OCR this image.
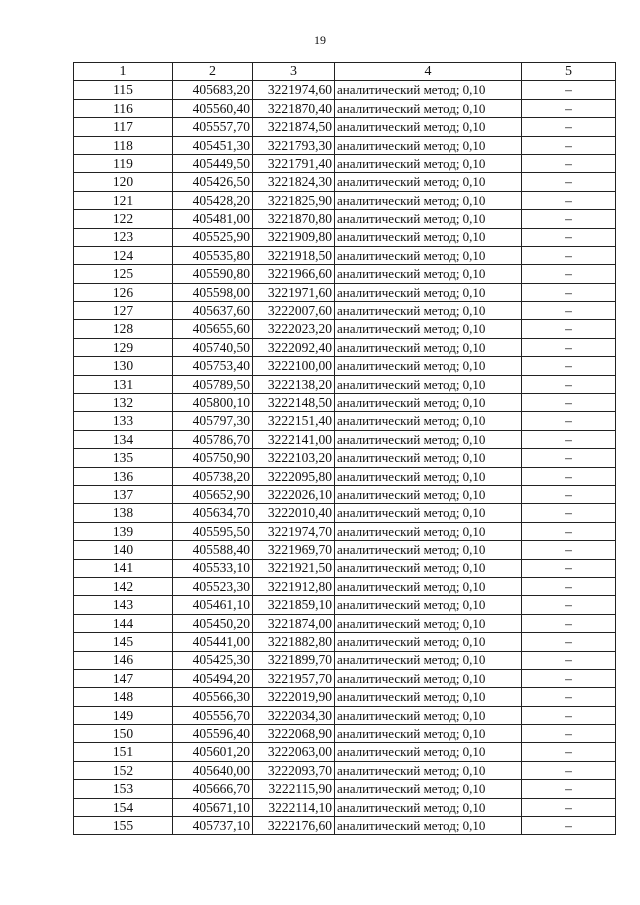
19
1	2	3	4	5
115	405683,20	3221974,60	аналитический метод; 0,10	–
116	405560,40	3221870,40	аналитический метод; 0,10	–
117	405557,70	3221874,50	аналитический метод; 0,10	–
118	405451,30	3221793,30	аналитический метод; 0,10	–
119	405449,50	3221791,40	аналитический метод; 0,10	–
120	405426,50	3221824,30	аналитический метод; 0,10	–
121	405428,20	3221825,90	аналитический метод; 0,10	–
122	405481,00	3221870,80	аналитический метод; 0,10	–
123	405525,90	3221909,80	аналитический метод; 0,10	–
124	405535,80	3221918,50	аналитический метод; 0,10	–
125	405590,80	3221966,60	аналитический метод; 0,10	–
126	405598,00	3221971,60	аналитический метод; 0,10	–
127	405637,60	3222007,60	аналитический метод; 0,10	–
128	405655,60	3222023,20	аналитический метод; 0,10	–
129	405740,50	3222092,40	аналитический метод; 0,10	–
130	405753,40	3222100,00	аналитический метод; 0,10	–
131	405789,50	3222138,20	аналитический метод; 0,10	–
132	405800,10	3222148,50	аналитический метод; 0,10	–
133	405797,30	3222151,40	аналитический метод; 0,10	–
134	405786,70	3222141,00	аналитический метод; 0,10	–
135	405750,90	3222103,20	аналитический метод; 0,10	–
136	405738,20	3222095,80	аналитический метод; 0,10	–
137	405652,90	3222026,10	аналитический метод; 0,10	–
138	405634,70	3222010,40	аналитический метод; 0,10	–
139	405595,50	3221974,70	аналитический метод; 0,10	–
140	405588,40	3221969,70	аналитический метод; 0,10	–
141	405533,10	3221921,50	аналитический метод; 0,10	–
142	405523,30	3221912,80	аналитический метод; 0,10	–
143	405461,10	3221859,10	аналитический метод; 0,10	–
144	405450,20	3221874,00	аналитический метод; 0,10	–
145	405441,00	3221882,80	аналитический метод; 0,10	–
146	405425,30	3221899,70	аналитический метод; 0,10	–
147	405494,20	3221957,70	аналитический метод; 0,10	–
148	405566,30	3222019,90	аналитический метод; 0,10	–
149	405556,70	3222034,30	аналитический метод; 0,10	–
150	405596,40	3222068,90	аналитический метод; 0,10	–
151	405601,20	3222063,00	аналитический метод; 0,10	–
152	405640,00	3222093,70	аналитический метод; 0,10	–
153	405666,70	3222115,90	аналитический метод; 0,10	–
154	405671,10	3222114,10	аналитический метод; 0,10	–
155	405737,10	3222176,60	аналитический метод; 0,10	–
